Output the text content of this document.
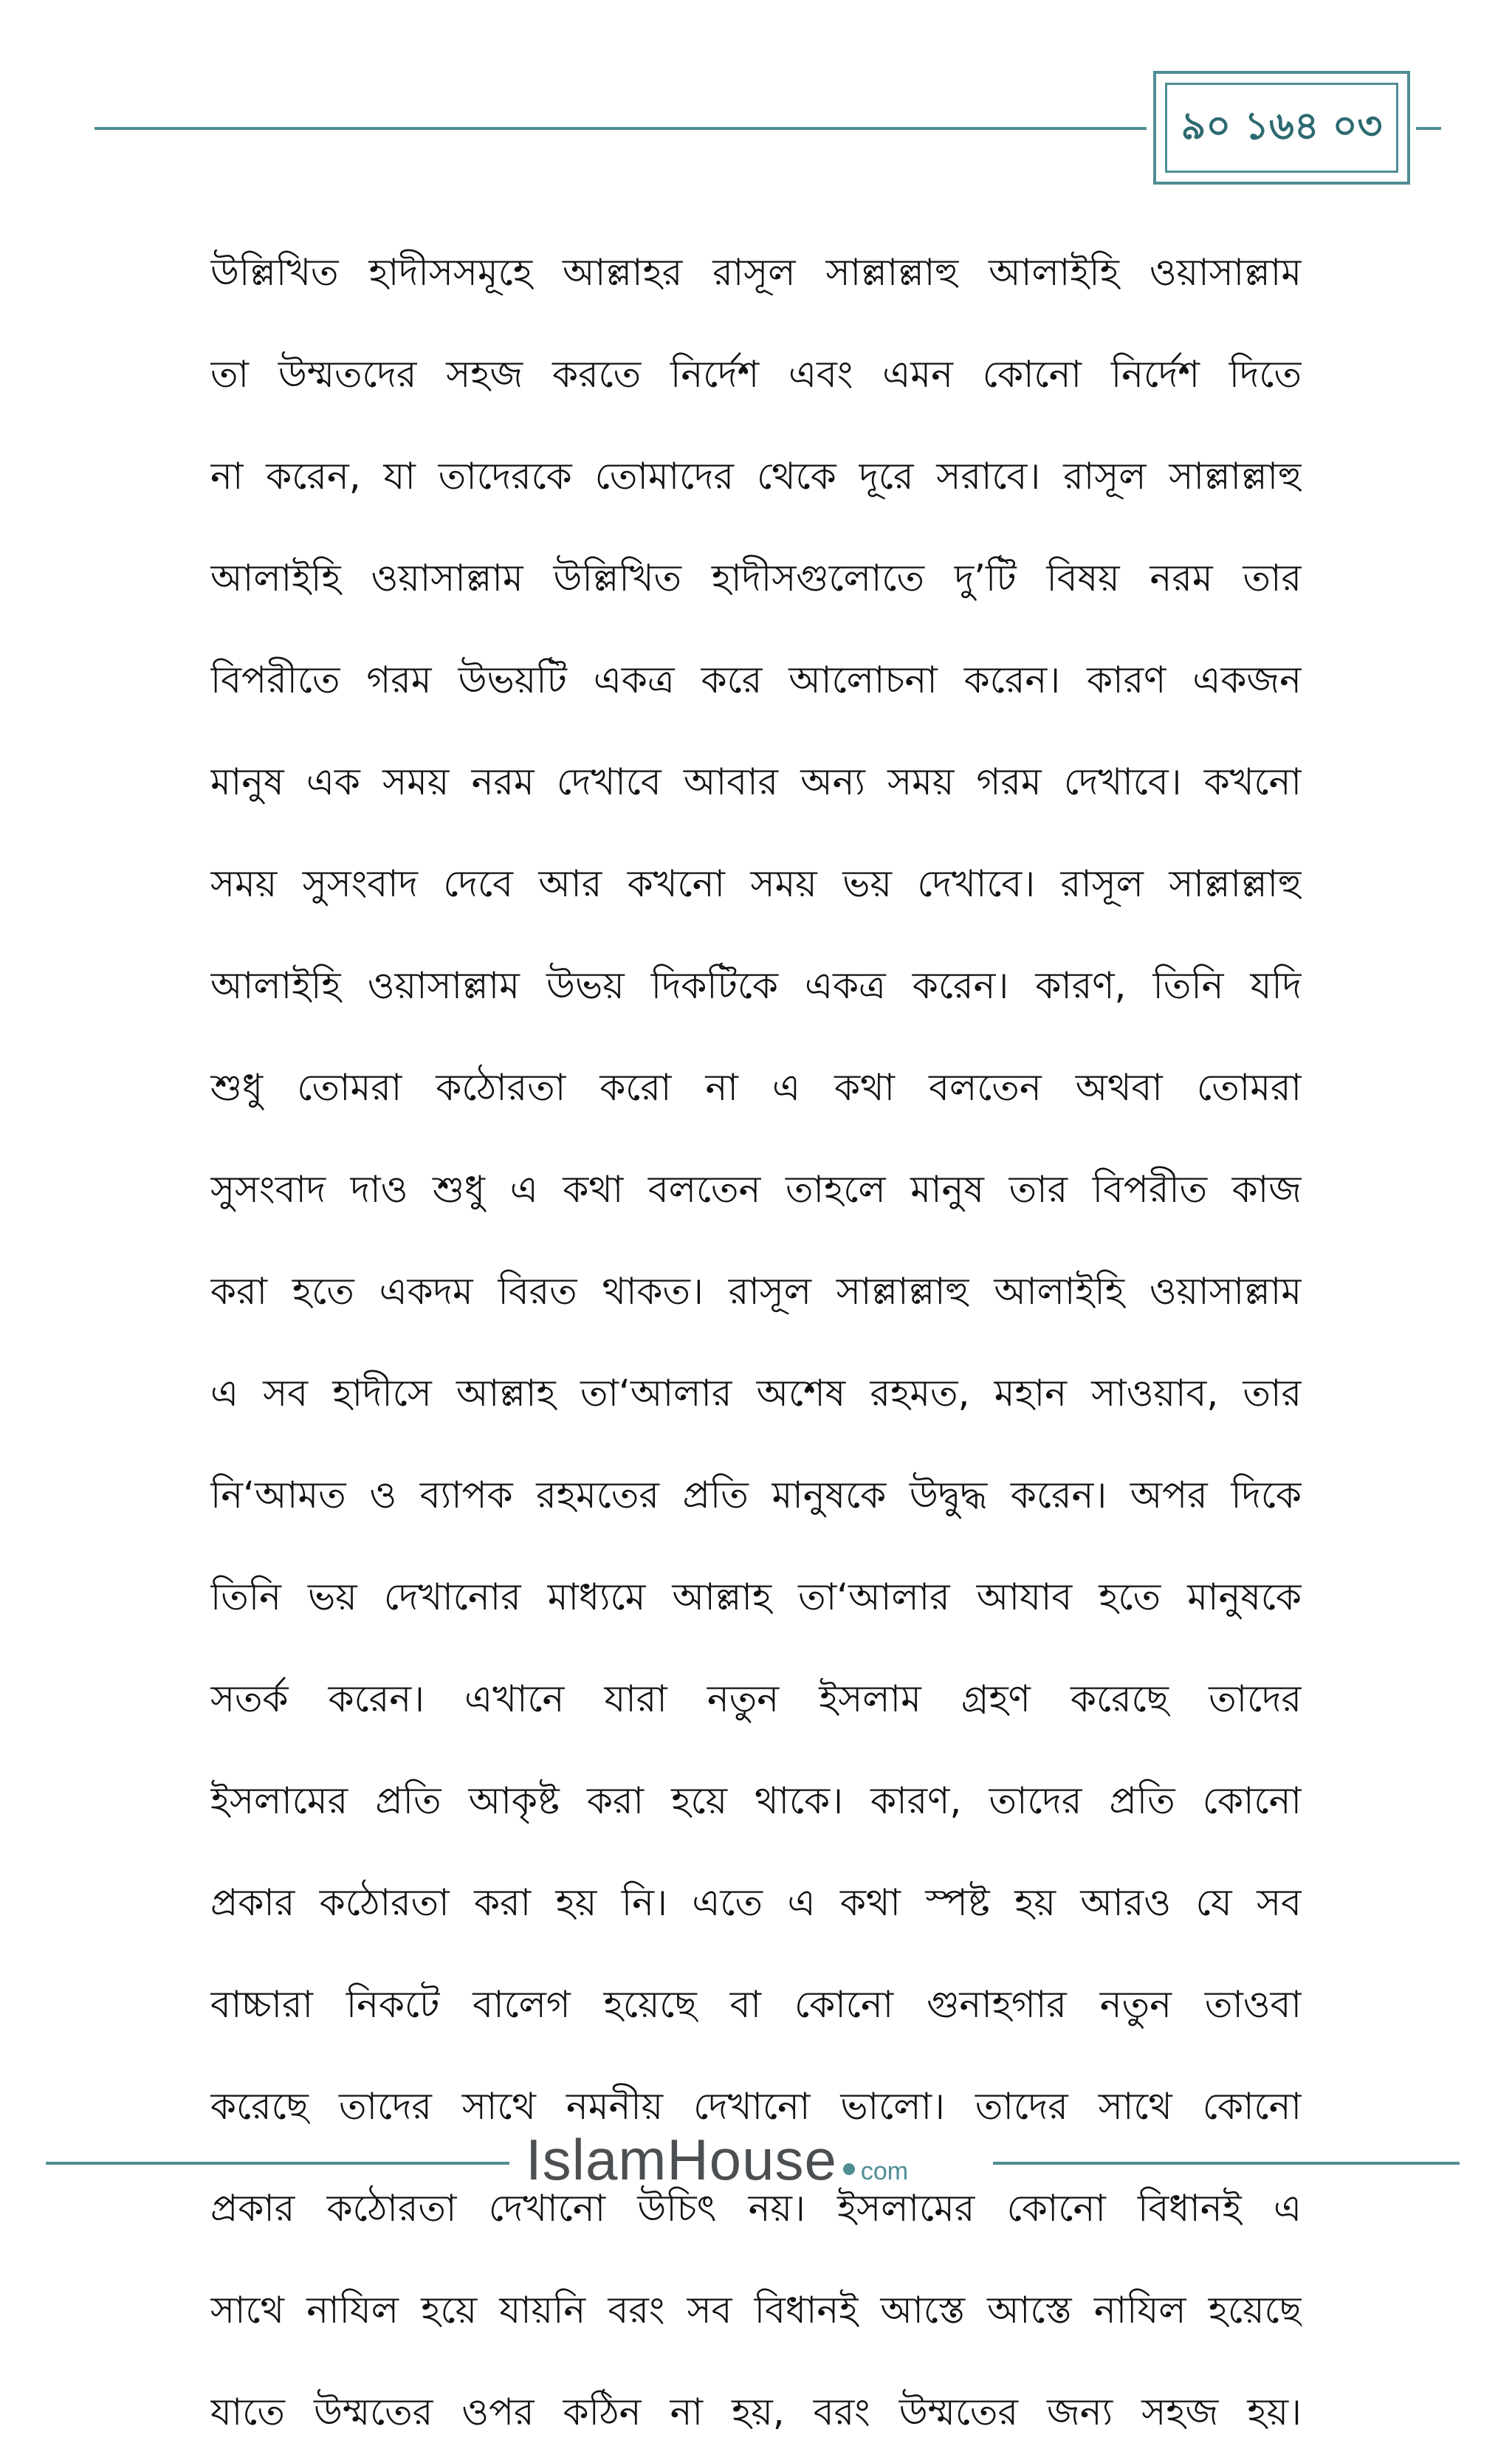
৯০ ১৬৪ ০৩
উল্লিখিত হাদীসসমূহে আল্লাহর রাসূল সাল্লাল্লাহু আলাইহি ওয়াসাল্লাম
তা উম্মতদের সহজ করতে নির্দেশ এবং এমন কোনো নির্দেশ দিতে
না করেন, যা তাদেরকে তোমাদের থেকে দূরে সরাবে। রাসূল সাল্লাল্লাহু
আলাইহি ওয়াসাল্লাম উল্লিখিত হাদীসগুলোতে দু’টি বিষয় নরম তার
বিপরীতে গরম উভয়টি একত্র করে আলোচনা করেন। কারণ একজন
মানুষ এক সময় নরম দেখাবে আবার অন্য সময় গরম দেখাবে। কখনো
সময় সুসংবাদ দেবে আর কখনো সময় ভয় দেখাবে। রাসূল সাল্লাল্লাহু
আলাইহি ওয়াসাল্লাম উভয় দিকটিকে একত্র করেন। কারণ, তিনি যদি
শুধু তোমরা কঠোরতা করো না এ কথা বলতেন অথবা তোমরা
সুসংবাদ দাও শুধু এ কথা বলতেন তাহলে মানুষ তার বিপরীত কাজ
করা হতে একদম বিরত থাকত। রাসূল সাল্লাল্লাহু আলাইহি ওয়াসাল্লাম
এ সব হাদীসে আল্লাহ তা‘আলার অশেষ রহমত, মহান সাওয়াব, তার
নি‘আমত ও ব্যাপক রহমতের প্রতি মানুষকে উদ্বুদ্ধ করেন। অপর দিকে
তিনি ভয় দেখানোর মাধ্যমে আল্লাহ তা‘আলার আযাব হতে মানুষকে
সতর্ক করেন। এখানে যারা নতুন ইসলাম গ্রহণ করেছে তাদের
ইসলামের প্রতি আকৃষ্ট করা হয়ে থাকে। কারণ, তাদের প্রতি কোনো
প্রকার কঠোরতা করা হয় নি। এতে এ কথা স্পষ্ট হয় আরও যে সব
বাচ্চারা নিকটে বালেগ হয়েছে বা কোনো গুনাহগার নতুন তাওবা
করেছে তাদের সাথে নমনীয় দেখানো ভালো। তাদের সাথে কোনো
প্রকার কঠোরতা দেখানো উচিৎ নয়। ইসলামের কোনো বিধানই এ
সাথে নাযিল হয়ে যায়নি বরং সব বিধানই আস্তে আস্তে নাযিল হয়েছে
যাতে উম্মতের ওপর কঠিন না হয়, বরং উম্মতের জন্য সহজ হয়।
IslamHouse com
